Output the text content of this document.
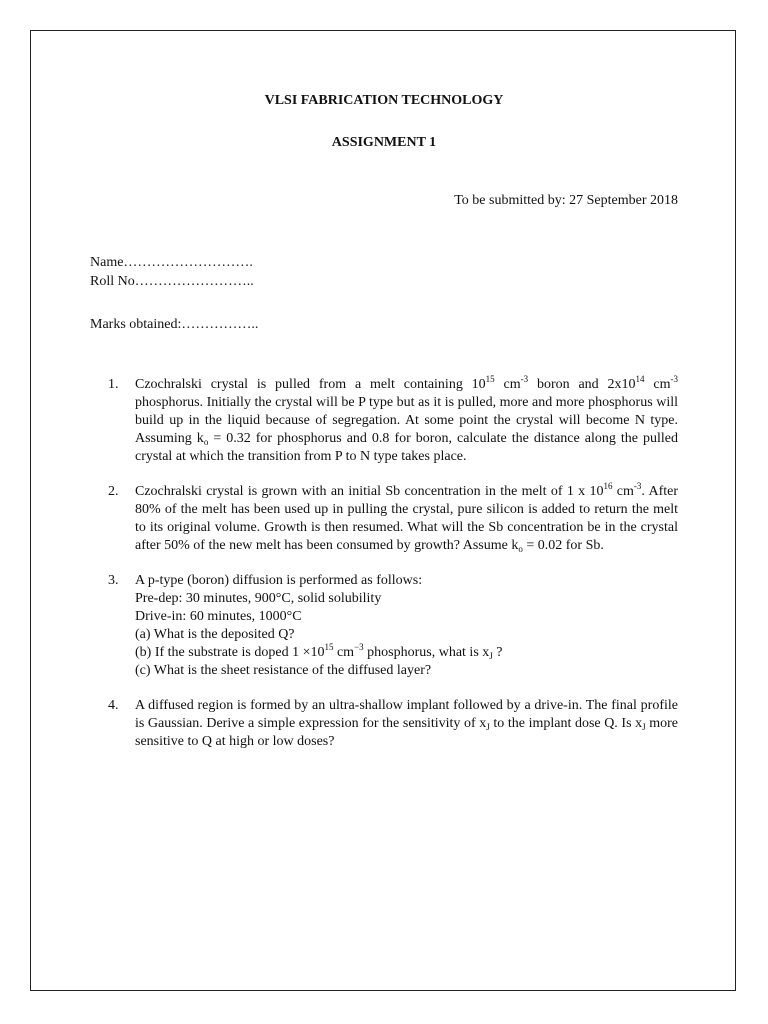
VLSI FABRICATION TECHNOLOGY
ASSIGNMENT 1
To be submitted by: 27 September 2018
Name……………………….
Roll No……………………..
Marks obtained:……………..
1.	Czochralski crystal is pulled from a melt containing $10^{15}$ $cm^{-3}$ boron and $2x10^{14}$ $cm^{-3}$ phosphorus. Initially the crystal will be P type but as it is pulled, more and more phosphorus will build up in the liquid because of segregation. At some point the crystal will become N type. Assuming $k_o = 0.32$ for phosphorus and 0.8 for boron, calculate the distance along the pulled crystal at which the transition from P to N type takes place.
2.	Czochralski crystal is grown with an initial Sb concentration in the melt of 1 x $10^{16}$ $cm^{-3}$. After 80% of the melt has been used up in pulling the crystal, pure silicon is added to return the melt to its original volume. Growth is then resumed. What will the Sb concentration be in the crystal after 50% of the new melt has been consumed by growth? Assume $k_o = 0.02$ for Sb.
3.	A p-type (boron) diffusion is performed as follows:
Pre-dep: 30 minutes, 900°C, solid solubility
Drive-in: 60 minutes, 1000°C
(a) What is the deposited Q?
(b) If the substrate is doped $1 \times 10^{15}$ $cm^{-3}$ phosphorus, what is $x_J$ ?
(c) What is the sheet resistance of the diffused layer?
4.	A diffused region is formed by an ultra-shallow implant followed by a drive-in. The final profile is Gaussian. Derive a simple expression for the sensitivity of $x_J$ to the implant dose Q. Is $x_J$ more sensitive to Q at high or low doses?
